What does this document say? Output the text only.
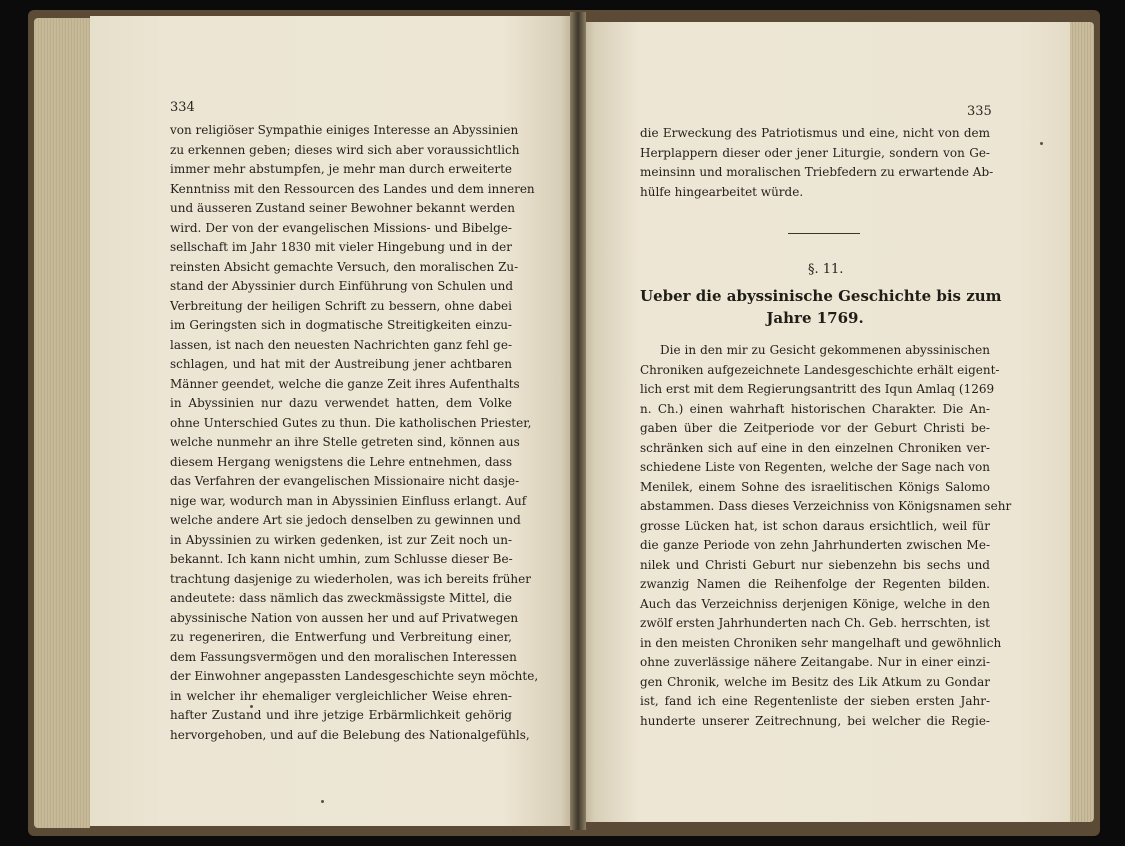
334
von religiöser Sympathie einiges Interesse an Abyssinien
zu erkennen geben; dieses wird sich aber voraussichtlich
immer mehr abstumpfen, je mehr man durch erweiterte
Kenntniss mit den Ressourcen des Landes und dem inneren
und äusseren Zustand seiner Bewohner bekannt werden
wird. Der von der evangelischen Missions- und Bibelge-
sellschaft im Jahr 1830 mit vieler Hingebung und in der
reinsten Absicht gemachte Versuch, den moralischen Zu-
stand der Abyssinier durch Einführung von Schulen und
Verbreitung der heiligen Schrift zu bessern, ohne dabei
im Geringsten sich in dogmatische Streitigkeiten einzu-
lassen, ist nach den neuesten Nachrichten ganz fehl ge-
schlagen, und hat mit der Austreibung jener achtbaren
Männer geendet, welche die ganze Zeit ihres Aufenthalts
in Abyssinien nur dazu verwendet hatten, dem Volke
ohne Unterschied Gutes zu thun. Die katholischen Priester,
welche nunmehr an ihre Stelle getreten sind, können aus
diesem Hergang wenigstens die Lehre entnehmen, dass
das Verfahren der evangelischen Missionaire nicht dasje-
nige war, wodurch man in Abyssinien Einfluss erlangt. Auf
welche andere Art sie jedoch denselben zu gewinnen und
in Abyssinien zu wirken gedenken, ist zur Zeit noch un-
bekannt. Ich kann nicht umhin, zum Schlusse dieser Be-
trachtung dasjenige zu wiederholen, was ich bereits früher
andeutete: dass nämlich das zweckmässigste Mittel, die
abyssinische Nation von aussen her und auf Privatwegen
zu regeneriren, die Entwerfung und Verbreitung einer,
dem Fassungsvermögen und den moralischen Interessen
der Einwohner angepassten Landesgeschichte seyn möchte,
in welcher ihr ehemaliger vergleichlicher Weise ehren-
hafter Zustand und ihre jetzige Erbärmlichkeit gehörig
hervorgehoben, und auf die Belebung des Nationalgefühls,
335
die Erweckung des Patriotismus und eine, nicht von dem
Herplappern dieser oder jener Liturgie, sondern von Ge-
meinsinn und moralischen Triebfedern zu erwartende Ab-
hülfe hingearbeitet würde.
§. 11.
Ueber die abyssinische Geschichte bis zum
Jahre 1769.
Die in den mir zu Gesicht gekommenen abyssinischen
Chroniken aufgezeichnete Landesgeschichte erhält eigent-
lich erst mit dem Regierungsantritt des Iqun Amlaq (1269
n. Ch.) einen wahrhaft historischen Charakter. Die An-
gaben über die Zeitperiode vor der Geburt Christi be-
schränken sich auf eine in den einzelnen Chroniken ver-
schiedene Liste von Regenten, welche der Sage nach von
Menilek, einem Sohne des israelitischen Königs Salomo
abstammen. Dass dieses Verzeichniss von Königsnamen sehr
grosse Lücken hat, ist schon daraus ersichtlich, weil für
die ganze Periode von zehn Jahrhunderten zwischen Me-
nilek und Christi Geburt nur siebenzehn bis sechs und
zwanzig Namen die Reihenfolge der Regenten bilden.
Auch das Verzeichniss derjenigen Könige, welche in den
zwölf ersten Jahrhunderten nach Ch. Geb. herrschten, ist
in den meisten Chroniken sehr mangelhaft und gewöhnlich
ohne zuverlässige nähere Zeitangabe. Nur in einer einzi-
gen Chronik, welche im Besitz des Lik Atkum zu Gondar
ist, fand ich eine Regentenliste der sieben ersten Jahr-
hunderte unserer Zeitrechnung, bei welcher die Regie-
